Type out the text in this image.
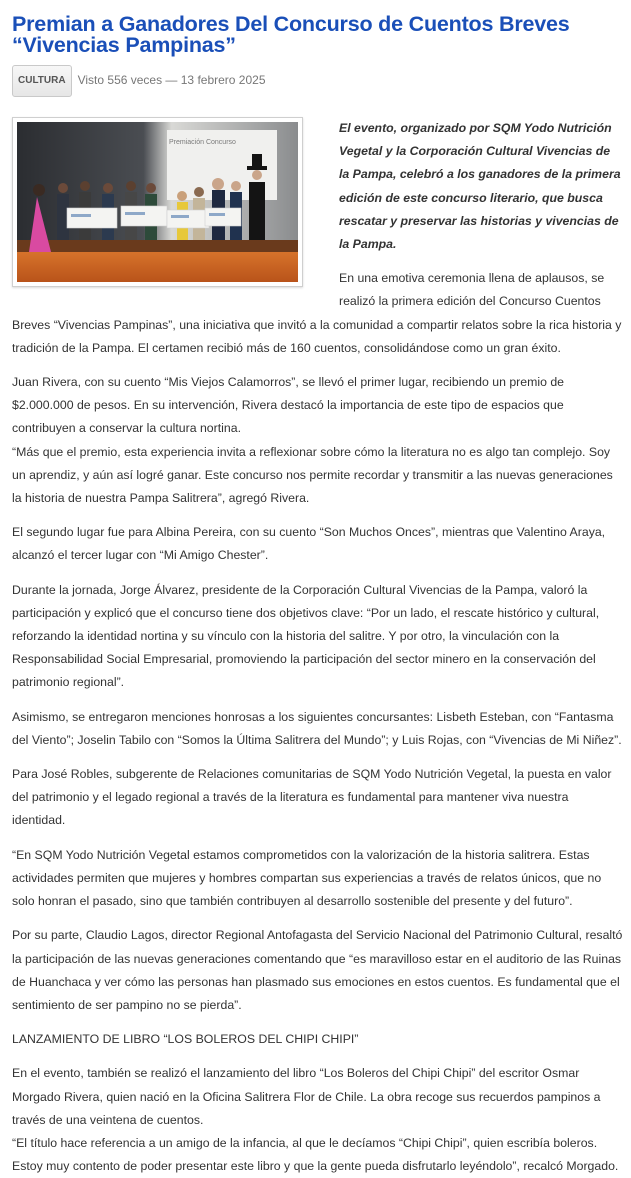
Premian a Ganadores Del Concurso de Cuentos Breves “Vivencias Pampinas”
CULTURA	Visto 556 veces — 13 febrero 2025
Premiación Concurso

El evento, organizado por SQM Yodo Nutrición Vegetal y la Corporación Cultural Vivencias de la Pampa, celebró a los ganadores de la primera edición de este concurso literario, que busca rescatar y preservar las historias y vivencias de la Pampa.

En una emotiva ceremonia llena de aplausos, se realizó la primera edición del Concurso Cuentos Breves “Vivencias Pampinas”, una iniciativa que invitó a la comunidad a compartir relatos sobre la rica historia y tradición de la Pampa. El certamen recibió más de 160 cuentos, consolidándose como un gran éxito.

Juan Rivera, con su cuento “Mis Viejos Calamorros”, se llevó el primer lugar, recibiendo un premio de $2.000.000 de pesos. En su intervención, Rivera destacó la importancia de este tipo de espacios que contribuyen a conservar la cultura nortina.

“Más que el premio, esta experiencia invita a reflexionar sobre cómo la literatura no es algo tan complejo. Soy un aprendiz, y aún así logré ganar. Este concurso nos permite recordar y transmitir a las nuevas generaciones la historia de nuestra Pampa Salitrera”, agregó Rivera.

El segundo lugar fue para Albina Pereira, con su cuento “Son Muchos Onces”, mientras que Valentino Araya, alcanzó el tercer lugar con “Mi Amigo Chester”.

Durante la jornada, Jorge Álvarez, presidente de la Corporación Cultural Vivencias de la Pampa, valoró la participación y explicó que el concurso tiene dos objetivos clave: “Por un lado, el rescate histórico y cultural, reforzando la identidad nortina y su vínculo con la historia del salitre. Y por otro, la vinculación con la Responsabilidad Social Empresarial, promoviendo la participación del sector minero en la conservación del patrimonio regional”.

Asimismo, se entregaron menciones honrosas a los siguientes concursantes: Lisbeth Esteban, con “Fantasma del Viento”; Joselin Tabilo con “Somos la Última Salitrera del Mundo”; y Luis Rojas, con “Vivencias de Mi Niñez”.

Para José Robles, subgerente de Relaciones comunitarias de SQM Yodo Nutrición Vegetal, la puesta en valor del patrimonio y el legado regional a través de la literatura es fundamental para mantener viva nuestra identidad.

“En SQM Yodo Nutrición Vegetal estamos comprometidos con la valorización de la historia salitrera. Estas actividades permiten que mujeres y hombres compartan sus experiencias a través de relatos únicos, que no solo honran el pasado, sino que también contribuyen al desarrollo sostenible del presente y del futuro”.

Por su parte, Claudio Lagos, director Regional Antofagasta del Servicio Nacional del Patrimonio Cultural, resaltó la participación de las nuevas generaciones comentando que “es maravilloso estar en el auditorio de las Ruinas de Huanchaca y ver cómo las personas han plasmado sus emociones en estos cuentos. Es fundamental que el sentimiento de ser pampino no se pierda”.

LANZAMIENTO DE LIBRO “LOS BOLEROS DEL CHIPI CHIPI”

En el evento, también se realizó el lanzamiento del libro “Los Boleros del Chipi Chipi” del escritor Osmar Morgado Rivera, quien nació en la Oficina Salitrera Flor de Chile. La obra recoge sus recuerdos pampinos a través de una veintena de cuentos.

“El título hace referencia a un amigo de la infancia, al que le decíamos “Chipi Chipi”, quien escribía boleros. Estoy muy contento de poder presentar este libro y que la gente pueda disfrutarlo leyéndolo”, recalcó Morgado.
